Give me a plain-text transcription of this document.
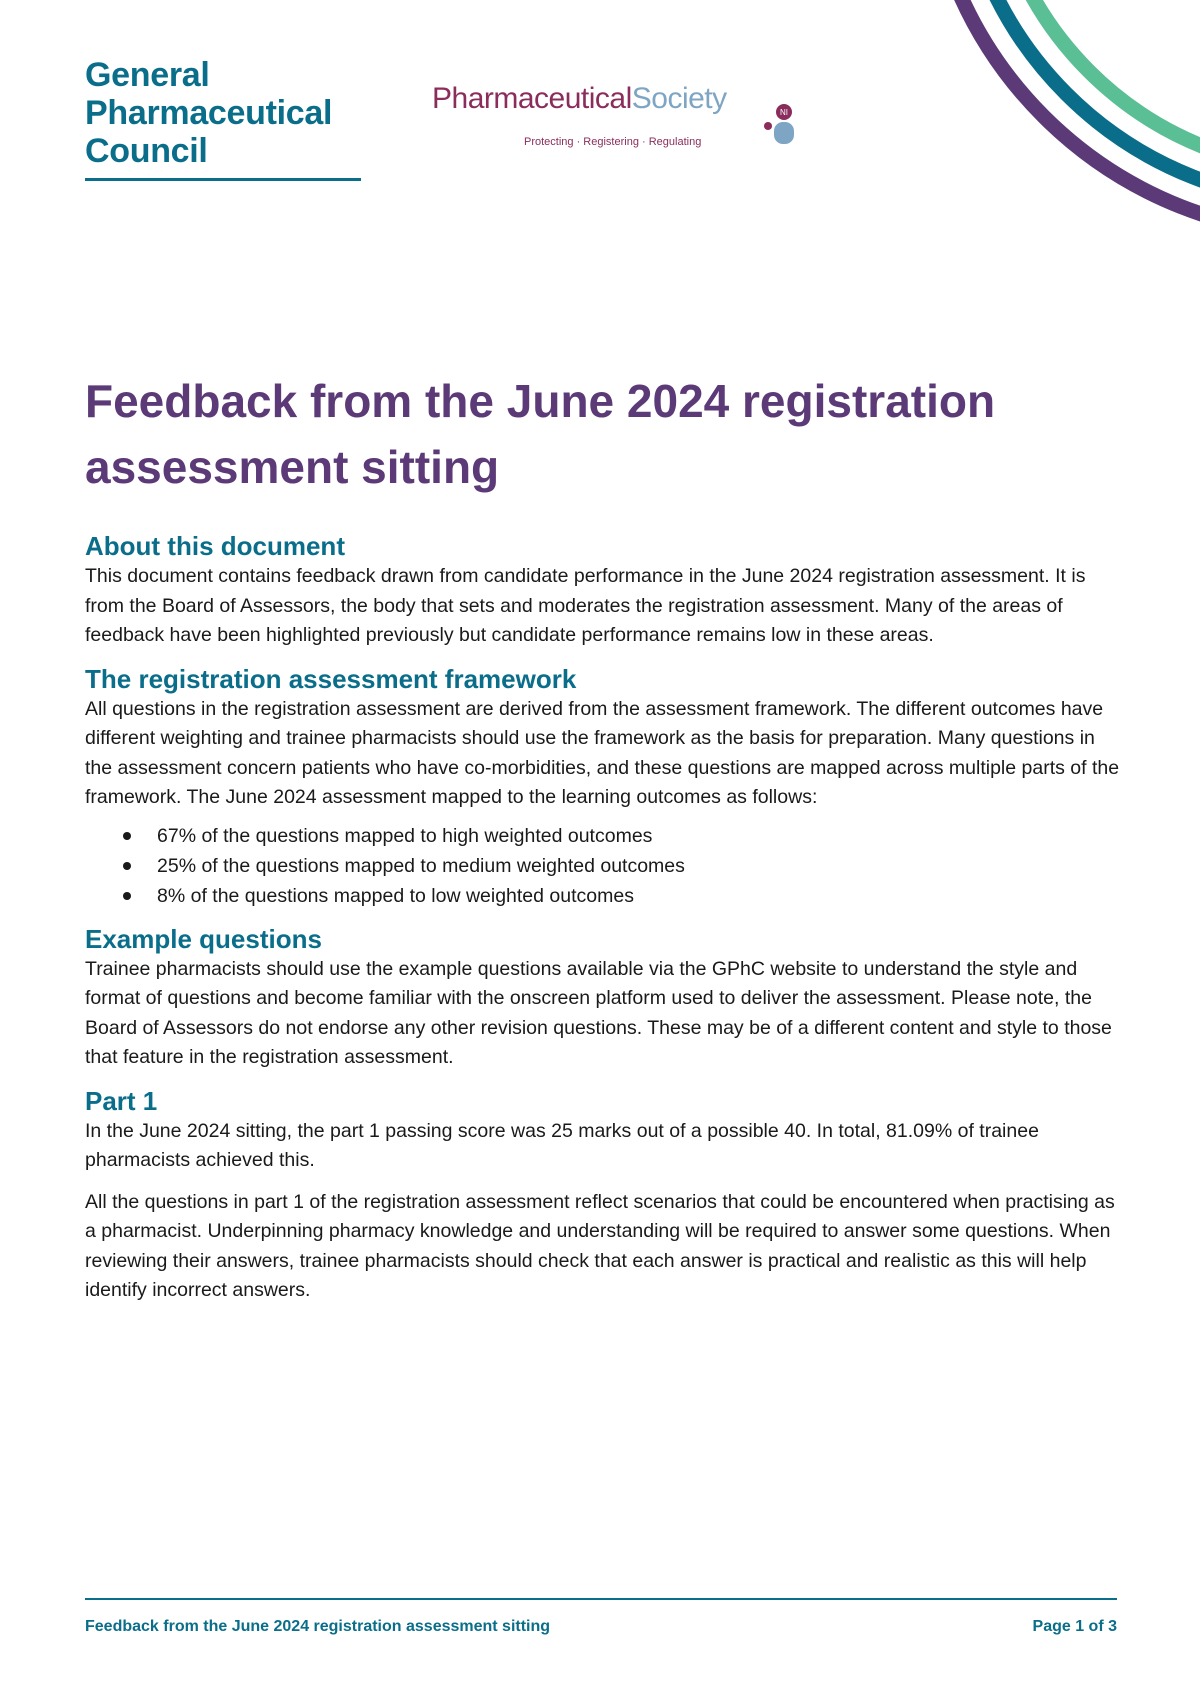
General
Pharmaceutical
Council
PharmaceuticalSociety	NI
Protecting · Registering · Regulating
Feedback from the June 2024 registration assessment sitting
About this document

This document contains feedback drawn from candidate performance in the June 2024 registration assessment. It is from the Board of Assessors, the body that sets and moderates the registration assessment. Many of the areas of feedback have been highlighted previously but candidate performance remains low in these areas.

The registration assessment framework

All questions in the registration assessment are derived from the assessment framework. The different outcomes have different weighting and trainee pharmacists should use the framework as the basis for preparation. Many questions in the assessment concern patients who have co-morbidities, and these questions are mapped across multiple parts of the framework. The June 2024 assessment mapped to the learning outcomes as follows:

67% of the questions mapped to high weighted outcomes
25% of the questions mapped to medium weighted outcomes
8% of the questions mapped to low weighted outcomes
Example questions

Trainee pharmacists should use the example questions available via the GPhC website to understand the style and format of questions and become familiar with the onscreen platform used to deliver the assessment. Please note, the Board of Assessors do not endorse any other revision questions. These may be of a different content and style to those that feature in the registration assessment.

Part 1

In the June 2024 sitting, the part 1 passing score was 25 marks out of a possible 40. In total, 81.09% of trainee pharmacists achieved this.

All the questions in part 1 of the registration assessment reflect scenarios that could be encountered when practising as a pharmacist. Underpinning pharmacy knowledge and understanding will be required to answer some questions. When reviewing their answers, trainee pharmacists should check that each answer is practical and realistic as this will help identify incorrect answers.

Feedback from the June 2024 registration assessment sitting	Page 1 of 3
